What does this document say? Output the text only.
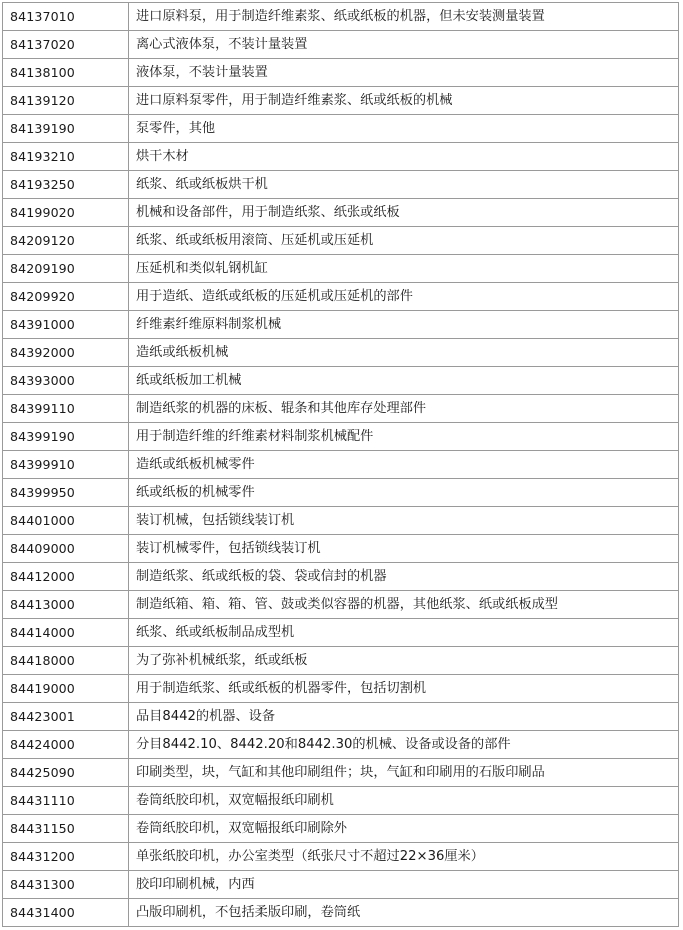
84137010	进口原料泵，用于制造纤维素浆、纸或纸板的机器，但未安装测量装置
84137020	离心式液体泵，不装计量装置
84138100	液体泵，不装计量装置
84139120	进口原料泵零件，用于制造纤维素浆、纸或纸板的机械
84139190	泵零件，其他
84193210	烘干木材
84193250	纸浆、纸或纸板烘干机
84199020	机械和设备部件，用于制造纸浆、纸张或纸板
84209120	纸浆、纸或纸板用滚筒、压延机或压延机
84209190	压延机和类似轧钢机缸
84209920	用于造纸、造纸或纸板的压延机或压延机的部件
84391000	纤维素纤维原料制浆机械
84392000	造纸或纸板机械
84393000	纸或纸板加工机械
84399110	制造纸浆的机器的床板、辊条和其他库存处理部件
84399190	用于制造纤维的纤维素材料制浆机械配件
84399910	造纸或纸板机械零件
84399950	纸或纸板的机械零件
84401000	装订机械，包括锁线装订机
84409000	装订机械零件，包括锁线装订机
84412000	制造纸浆、纸或纸板的袋、袋或信封的机器
84413000	制造纸箱、箱、箱、管、鼓或类似容器的机器，其他纸浆、纸或纸板成型
84414000	纸浆、纸或纸板制品成型机
84418000	为了弥补机械纸浆，纸或纸板
84419000	用于制造纸浆、纸或纸板的机器零件，包括切割机
84423001	品目8442的机器、设备
84424000	分目8442.10、8442.20和8442.30的机械、设备或设备的部件
84425090	印刷类型，块，气缸和其他印刷组件；块，气缸和印刷用的石版印刷品
84431110	卷筒纸胶印机，双宽幅报纸印刷机
84431150	卷筒纸胶印机，双宽幅报纸印刷除外
84431200	单张纸胶印机，办公室类型（纸张尺寸不超过22×36厘米）
84431300	胶印印刷机械，内西
84431400	凸版印刷机，不包括柔版印刷，卷筒纸
